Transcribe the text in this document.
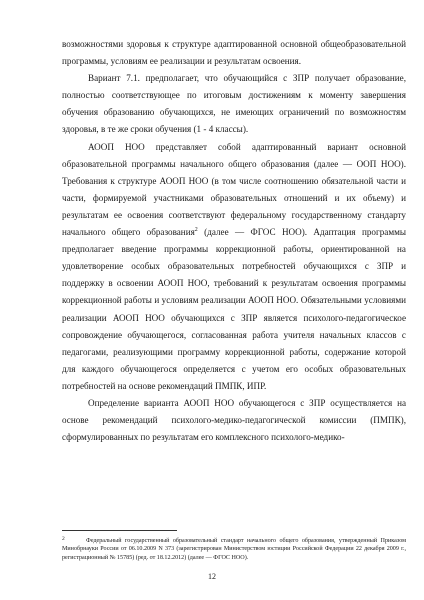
возможностями здоровья к структуре адаптированной основной общеобразовательной программы, условиям ее реализации и результатам освоения.

Вариант 7.1. предполагает, что обучающийся с ЗПР получает образование, полностью соответствующее по итоговым достижениям к моменту завершения обучения образованию обучающихся, не имеющих ограничений по возможностям здоровья, в те же сроки обучения (1 - 4 классы).

АООП НОО представляет собой адаптированный вариант основной образовательной программы начального общего образования (далее — ООП НОО). Требования к структуре АООП НОО (в том числе соотношению обязательной части и части, формируемой участниками образовательных отношений и их объему) и результатам ее освоения соответствуют федеральному государственному стандарту начального общего образования$^2$ (далее — ФГОС НОО). Адаптация программы предполагает введение программы коррекционной работы, ориентированной на удовлетворение особых образовательных потребностей обучающихся с ЗПР и поддержку в освоении АООП НОО, требований к результатам освоения программы коррекционной работы и условиям реализации АООП НОО. Обязательными условиями реализации АООП НОО обучающихся с ЗПР является психолого-педагогическое сопровождение обучающегося, согласованная работа учителя начальных классов с педагогами, реализующими программу коррекционной работы, содержание которой для каждого обучающегося определяется с учетом его особых образовательных потребностей на основе рекомендаций ПМПК, ИПР.

Определение варианта АООП НОО обучающегося с ЗПР осуществляется на основе рекомендаций психолого-медико-педагогической комиссии (ПМПК), сформулированных по результатам его комплексного психолого-медико-

2	Федеральный государственный образовательный стандарт начального общего образования, утвержденный Приказом Минобрнауки России от 06.10.2009 N 373 (зарегистрирован Министерством юстиции Российской Федерации 22 декабря 2009 г., регистрационный № 15785) (ред. от 18.12.2012) (далее — ФГОС НОО).
12
